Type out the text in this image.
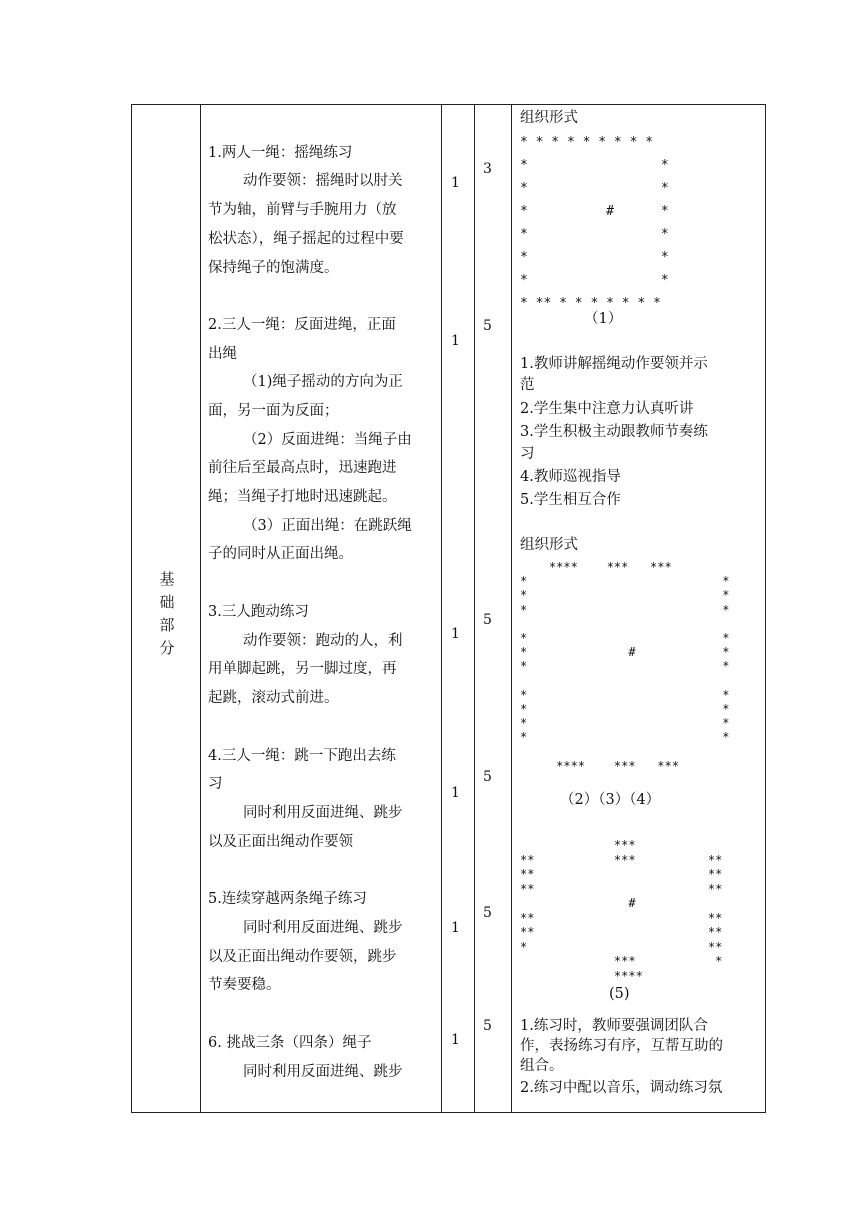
基
础
部
分
1.两人一绳：摇绳练习
动作要领：摇绳时以肘关
节为轴，前臂与手腕用力（放
松状态），绳子摇起的过程中要
保持绳子的饱满度。
2.三人一绳：反面进绳，正面
出绳
（1)绳子摇动的方向为正
面，另一面为反面；
（2）反面进绳：当绳子由
前往后至最高点时，迅速跑进
绳；当绳子打地时迅速跳起。
（3）正面出绳：在跳跃绳
子的同时从正面出绳。
3.三人跑动练习
动作要领：跑动的人，利
用单脚起跳，另一脚过度，再
起跳，滚动式前进。
4.三人一绳：跳一下跑出去练
习
同时利用反面进绳、跳步
以及正面出绳动作要领
5.连续穿越两条绳子练习
同时利用反面进绳、跳步
以及正面出绳动作要领，跳步
节奏要稳。
6. 挑战三条（四条）绳子
同时利用反面进绳、跳步
1
1
1
1
1
1
3
5
5
5
5
5
组织形式
* * * * * * * * *
*                 *
*                 *
*          #      *
*                 *
*                 *
*                 *
* ** * * * * * * *
（1）
1.教师讲解摇绳动作要领并示
范
2.学生集中注意力认真听讲
3.学生积极主动跟教师节奏练
习
4.教师巡视指导
5.学生相互合作
组织形式
****    ***   ***
*                           *
*                           *
*                           *

*                           *
*              #            *
*                           *

*                           *
*                           *
*                           *
*                           *

****    ***   ***
（2）（3）（4）
***
**           ***          **
**                        **
**                        **
#
**                        **
**                        **
*                         **
***           *
****
(5)
1.练习时，教师要强调团队合
作，表扬练习有序，互帮互助的
组合。
2.练习中配以音乐，调动练习氛
